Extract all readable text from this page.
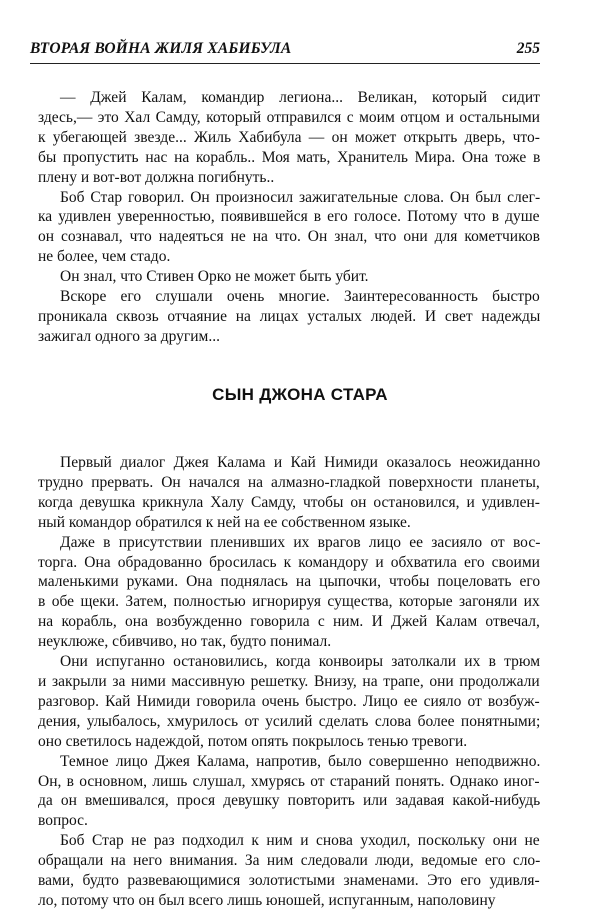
ВТОРАЯ ВОЙНА ЖИЛЯ ХАБИБУЛА	255
— Джей Калам, командир легиона... Великан, который сидит
здесь,— это Хал Самду, который отправился с моим отцом и остальными
к убегающей звезде... Жиль Хабибула — он может открыть дверь, что-
бы пропустить нас на корабль.. Моя мать, Хранитель Мира. Она тоже в
плену и вот-вот должна погибнуть..
Боб Стар говорил. Он произносил зажигательные слова. Он был слег-
ка удивлен уверенностью, появившейся в его голосе. Потому что в душе
он сознавал, что надеяться не на что. Он знал, что они для кометчиков
не более, чем стадо.
Он знал, что Стивен Орко не может быть убит.
Вскоре его слушали очень многие. Заинтересованность быстро
проникала сквозь отчаяние на лицах усталых людей. И свет надежды
зажигал одного за другим...
СЫН ДЖОНА СТАРА
Первый диалог Джея Калама и Кай Нимиди оказалось неожиданно
трудно прервать. Он начался на алмазно-гладкой поверхности планеты,
когда девушка крикнула Халу Самду, чтобы он остановился, и удивлен-
ный командор обратился к ней на ее собственном языке.
Даже в присутствии пленивших их врагов лицо ее засияло от вос-
торга. Она обрадованно бросилась к командору и обхватила его своими
маленькими руками. Она поднялась на цыпочки, чтобы поцеловать его
в обе щеки. Затем, полностью игнорируя существа, которые загоняли их
на корабль, она возбужденно говорила с ним. И Джей Калам отвечал,
неуклюже, сбивчиво, но так, будто понимал.
Они испуганно остановились, когда конвоиры затолкали их в трюм
и закрыли за ними массивную решетку. Внизу, на трапе, они продолжали
разговор. Кай Нимиди говорила очень быстро. Лицо ее сияло от возбуж-
дения, улыбалось, хмурилось от усилий сделать слова более понятными;
оно светилось надеждой, потом опять покрылось тенью тревоги.
Темное лицо Джея Калама, напротив, было совершенно неподвижно.
Он, в основном, лишь слушал, хмурясь от стараний понять. Однако иног-
да он вмешивался, прося девушку повторить или задавая какой-нибудь
вопрос.
Боб Стар не раз подходил к ним и снова уходил, поскольку они не
обращали на него внимания. За ним следовали люди, ведомые его сло-
вами, будто развевающимися золотистыми знаменами. Это его удивля-
ло, потому что он был всего лишь юношей, испуганным, наполовину
